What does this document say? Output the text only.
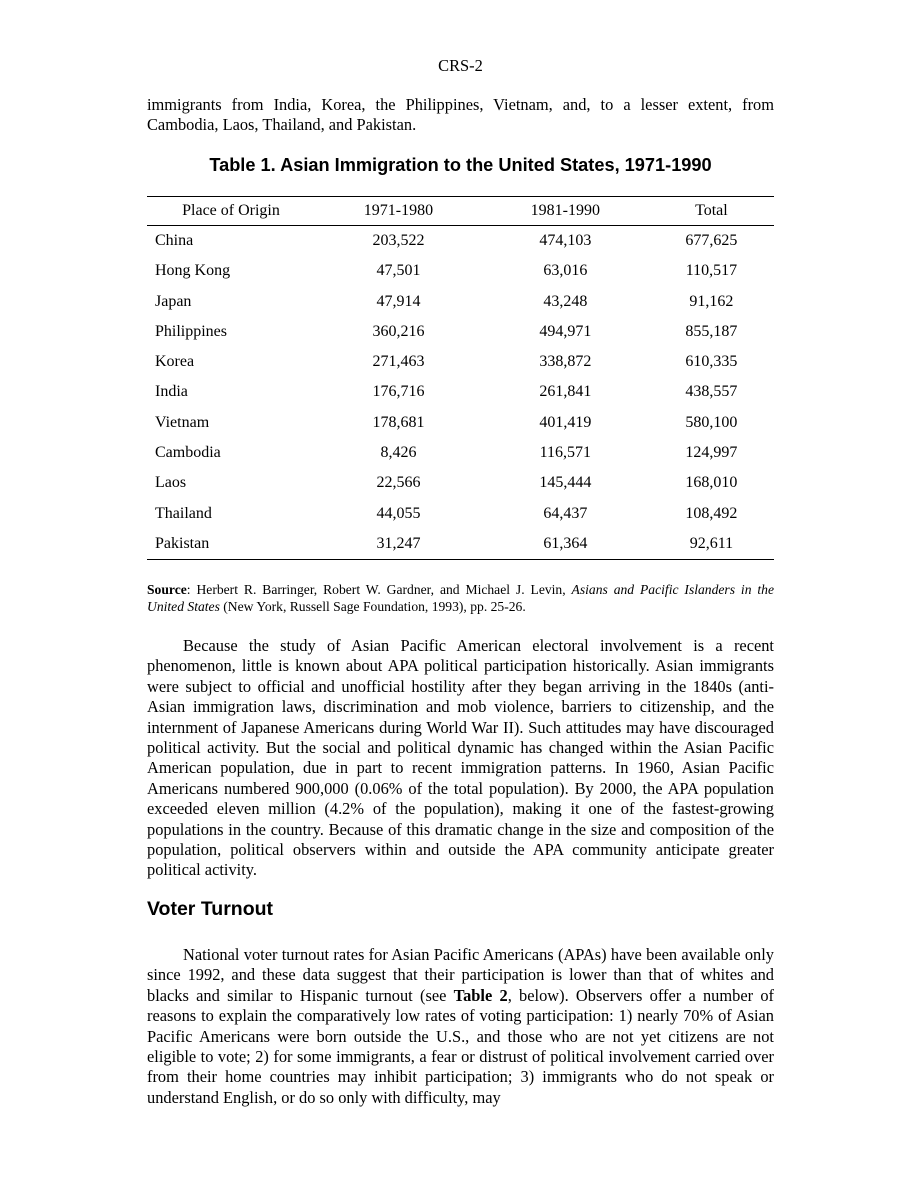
CRS-2

immigrants from India, Korea, the Philippines, Vietnam, and, to a lesser extent, from Cambodia, Laos, Thailand, and Pakistan.

Table 1. Asian Immigration to the United States, 1971-1990
Place of Origin	1971-1980	1981-1990	Total
China	203,522	474,103	677,625
Hong Kong	47,501	63,016	110,517
Japan	47,914	43,248	91,162
Philippines	360,216	494,971	855,187
Korea	271,463	338,872	610,335
India	176,716	261,841	438,557
Vietnam	178,681	401,419	580,100
Cambodia	8,426	116,571	124,997
Laos	22,566	145,444	168,010
Thailand	44,055	64,437	108,492
Pakistan	31,247	61,364	92,611
Source: Herbert R. Barringer, Robert W. Gardner, and Michael J. Levin, Asians and Pacific Islanders in the United States (New York, Russell Sage Foundation, 1993), pp. 25-26.

Because the study of Asian Pacific American electoral involvement is a recent phenomenon, little is known about APA political participation historically. Asian immigrants were subject to official and unofficial hostility after they began arriving in the 1840s (anti-Asian immigration laws, discrimination and mob violence, barriers to citizenship, and the internment of Japanese Americans during World War II). Such attitudes may have discouraged political activity. But the social and political dynamic has changed within the Asian Pacific American population, due in part to recent immigration patterns. In 1960, Asian Pacific Americans numbered 900,000 (0.06% of the total population). By 2000, the APA population exceeded eleven million (4.2% of the population), making it one of the fastest-growing populations in the country. Because of this dramatic change in the size and composition of the population, political observers within and outside the APA community anticipate greater political activity.

Voter Turnout

National voter turnout rates for Asian Pacific Americans (APAs) have been available only since 1992, and these data suggest that their participation is lower than that of whites and blacks and similar to Hispanic turnout (see Table 2, below). Observers offer a number of reasons to explain the comparatively low rates of voting participation: 1) nearly 70% of Asian Pacific Americans were born outside the U.S., and those who are not yet citizens are not eligible to vote; 2) for some immigrants, a fear or distrust of political involvement carried over from their home countries may inhibit participation; 3) immigrants who do not speak or understand English, or do so only with difficulty, may
